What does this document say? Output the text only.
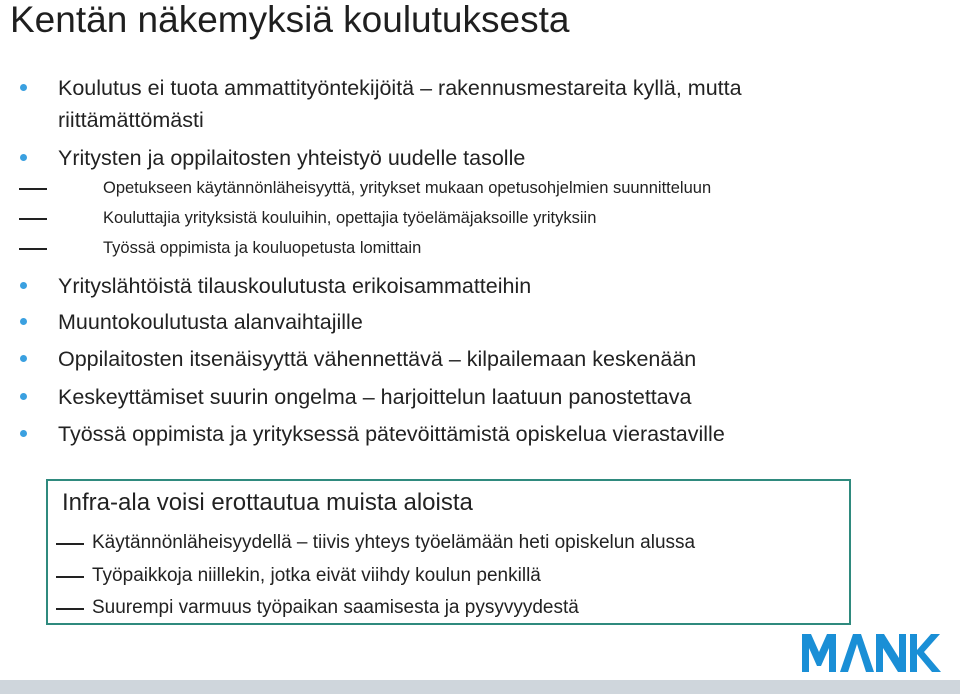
Kentän näkemyksiä koulutuksesta
Koulutus ei tuota ammattityöntekijöitä – rakennusmestareita kyllä, mutta
riittämättömästi
Yritysten ja oppilaitosten yhteistyö uudelle tasolle
Opetukseen käytännönläheisyyttä, yritykset mukaan opetusohjelmien suunnitteluun
Kouluttajia yrityksistä kouluihin, opettajia työelämäjaksoille yrityksiin
Työssä oppimista ja kouluopetusta lomittain
Yrityslähtöistä tilauskoulutusta erikoisammatteihin
Muuntokoulutusta alanvaihtajille
Oppilaitosten itsenäisyyttä vähennettävä – kilpailemaan keskenään
Keskeyttämiset suurin ongelma – harjoittelun laatuun panostettava
Työssä oppimista ja yrityksessä pätevöittämistä opiskelua vierastaville
Infra-ala voisi erottautua muista aloista
Käytännönläheisyydellä – tiivis yhteys työelämään heti opiskelun alussa
Työpaikkoja niillekin, jotka eivät viihdy koulun penkillä
Suurempi varmuus työpaikan saamisesta ja pysyvyydestä
